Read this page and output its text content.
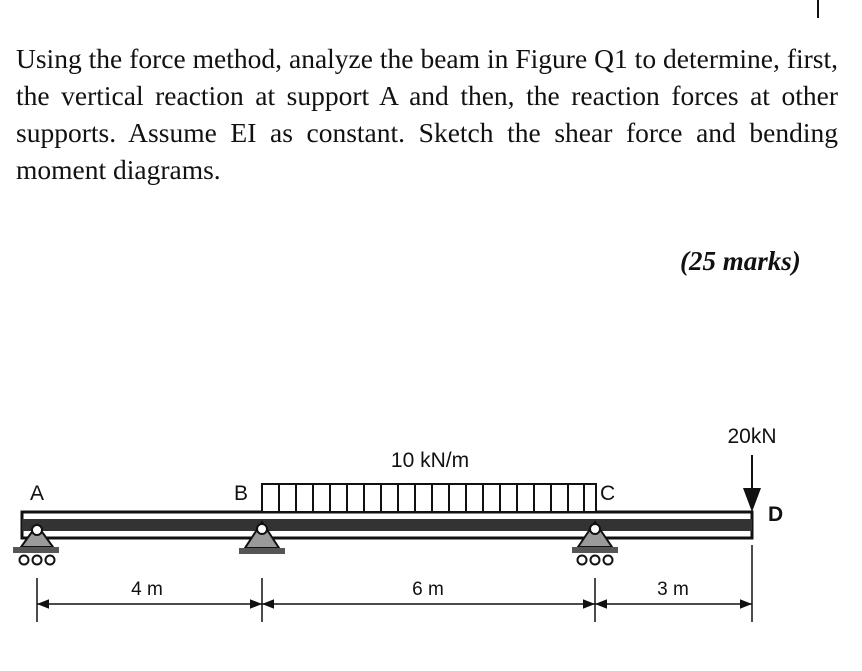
Using the force method, analyze the beam in Figure Q1 to determine, first, the vertical reaction at support A and then, the reaction forces at other supports. Assume EI as constant. Sketch the shear force and bending moment diagrams.

(25 marks)
10 kN/m
A	B	C
20kN
D
4 m	6 m	3 m
